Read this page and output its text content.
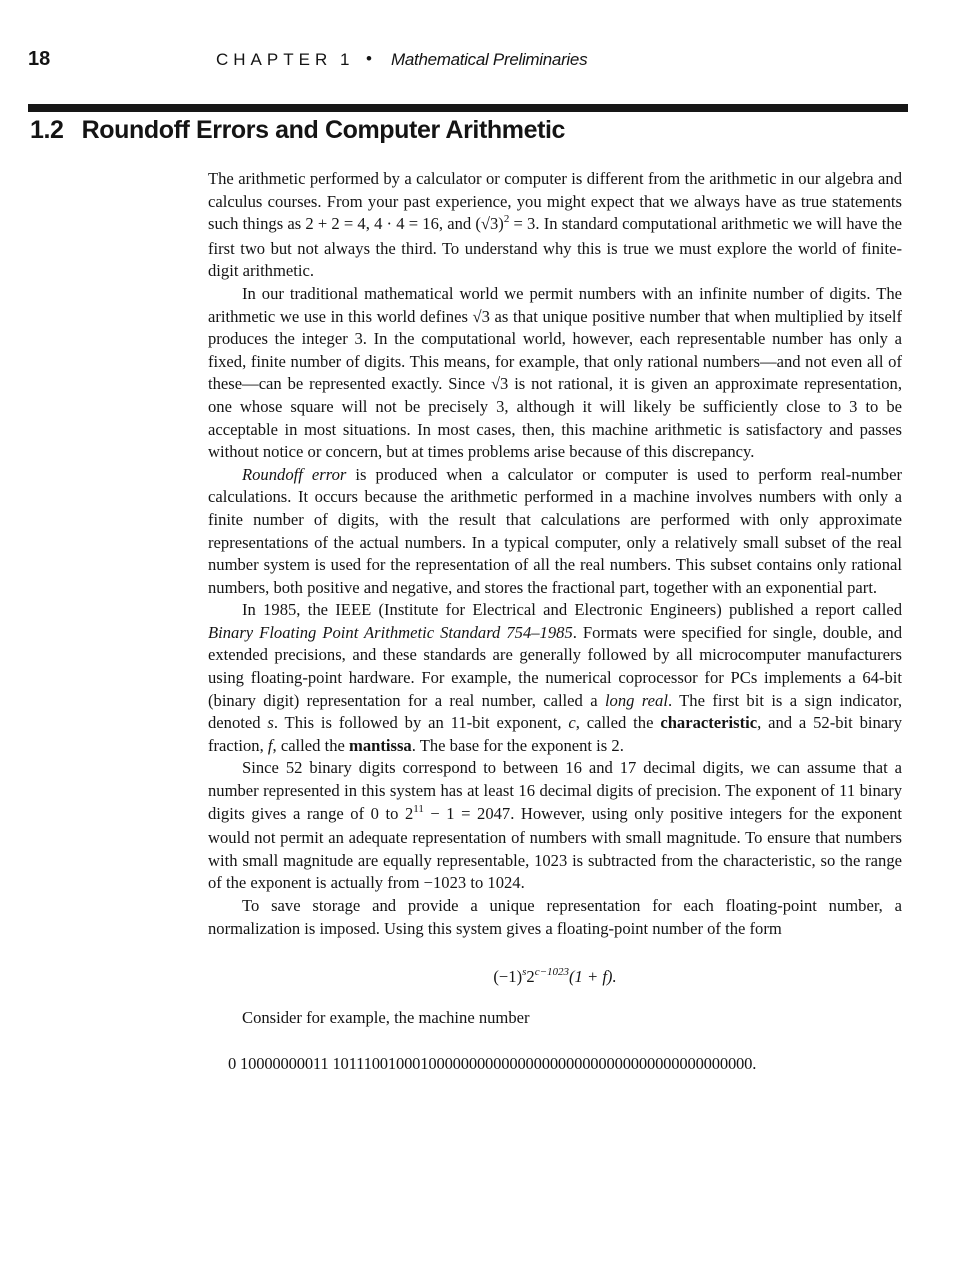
18	CHAPTER 1 • Mathematical Preliminaries
1.2 Roundoff Errors and Computer Arithmetic

The arithmetic performed by a calculator or computer is different from the arithmetic in our algebra and calculus courses. From your past experience, you might expect that we always have as true statements such things as 2 + 2 = 4, 4 · 4 = 16, and $(√3)^2 = 3$. In standard computational arithmetic we will have the first two but not always the third. To understand why this is true we must explore the world of finite-digit arithmetic.

In our traditional mathematical world we permit numbers with an infinite number of digits. The arithmetic we use in this world defines √3 as that unique positive number that when multiplied by itself produces the integer 3. In the computational world, however, each representable number has only a fixed, finite number of digits. This means, for example, that only rational numbers—and not even all of these—can be represented exactly. Since √3 is not rational, it is given an approximate representation, one whose square will not be precisely 3, although it will likely be sufficiently close to 3 to be acceptable in most situations. In most cases, then, this machine arithmetic is satisfactory and passes without notice or concern, but at times problems arise because of this discrepancy.

Roundoff error is produced when a calculator or computer is used to perform real-number calculations. It occurs because the arithmetic performed in a machine involves numbers with only a finite number of digits, with the result that calculations are performed with only approximate representations of the actual numbers. In a typical computer, only a relatively small subset of the real number system is used for the representation of all the real numbers. This subset contains only rational numbers, both positive and negative, and stores the fractional part, together with an exponential part.

In 1985, the IEEE (Institute for Electrical and Electronic Engineers) published a report called Binary Floating Point Arithmetic Standard 754–1985. Formats were specified for single, double, and extended precisions, and these standards are generally followed by all microcomputer manufacturers using floating-point hardware. For example, the numerical coprocessor for PCs implements a 64-bit (binary digit) representation for a real number, called a long real. The first bit is a sign indicator, denoted s. This is followed by an 11-bit exponent, c, called the characteristic, and a 52-bit binary fraction, f, called the mantissa. The base for the exponent is 2.

Since 52 binary digits correspond to between 16 and 17 decimal digits, we can assume that a number represented in this system has at least 16 decimal digits of precision. The exponent of 11 binary digits gives a range of 0 to $2^{11} - 1 = 2047$. However, using only positive integers for the exponent would not permit an adequate representation of numbers with small magnitude. To ensure that numbers with small magnitude are equally representable, 1023 is subtracted from the characteristic, so the range of the exponent is actually from −1023 to 1024.

To save storage and provide a unique representation for each floating-point number, a normalization is imposed. Using this system gives a floating-point number of the form

$(-1)^s2^{c-1023}(1 + f)$.

Consider for example, the machine number

0 10000000011 1011100100010000000000000000000000000000000000000000.
